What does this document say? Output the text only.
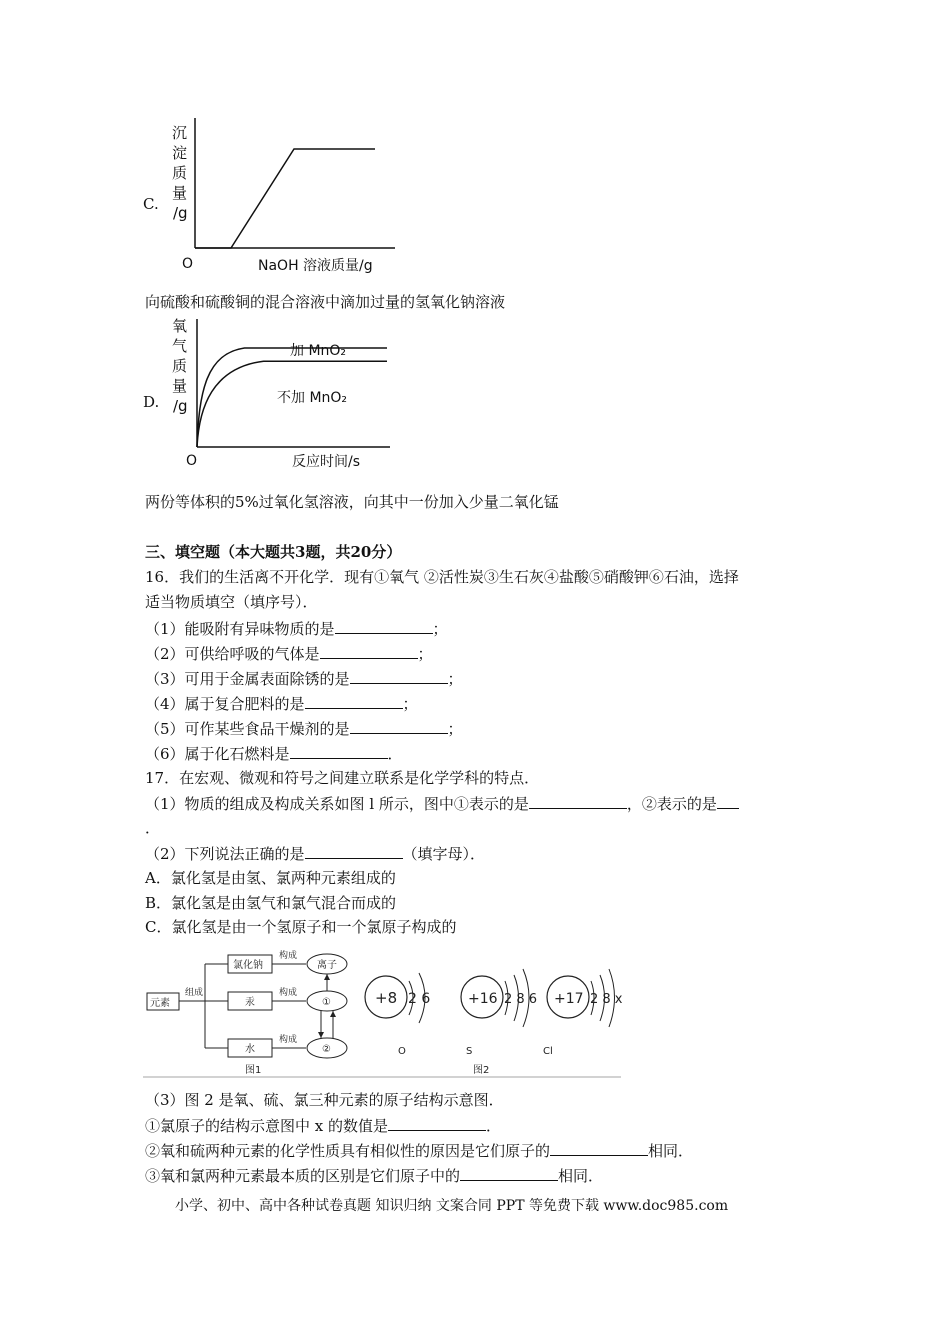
C.
沉
淀
质
量
/g
O	NaOH 溶液质量/g
向硫酸和硫酸铜的混合溶液中滴加过量的氢氧化钠溶液
D.
氧
气
质
量
/g
加 MnO₂
不加 MnO₂
O	反应时间/s
两份等体积的5%过氧化氢溶液，向其中一份加入少量二氧化锰
三、填空题（本大题共3题，共20分）
16．我们的生活离不开化学．现有①氧气 ②活性炭③生石灰④盐酸⑤硝酸钾⑥石油，选择
适当物质填空（填序号）．
（1）能吸附有异味物质的是	；
（2）可供给呼吸的气体是	；
（3）可用于金属表面除锈的是	；
（4）属于复合肥料的是	；
（5）可作某些食品干燥剂的是	；
（6）属于化石燃料是	．
17．在宏观、微观和符号之间建立联系是化学学科的特点．
（1）物质的组成及构成关系如图 l 所示，图中①表示的是	，②表示的是
．
（2）下列说法正确的是	（填字母）．
A．氯化氢是由氢、氯两种元素组成的
B．氯化氢是由氢气和氯气混合而成的
C．氯化氢是由一个氢原子和一个氯原子构成的
元素
组成
氯化钠
汞
水
构成
构成
构成
离子
①
②
图1
+8 2 6
O
+16 2 8 6
S
+17 2 8 x
Cl
图2
（3）图 2 是氧、硫、氯三种元素的原子结构示意图．
①氯原子的结构示意图中 x 的数值是	．
②氧和硫两种元素的化学性质具有相似性的原因是它们原子的	相同．
③氧和氯两种元素最本质的区别是它们原子中的	相同．
小学、初中、高中各种试卷真题 知识归纳 文案合同 PPT 等免费下载 www.doc985.com
